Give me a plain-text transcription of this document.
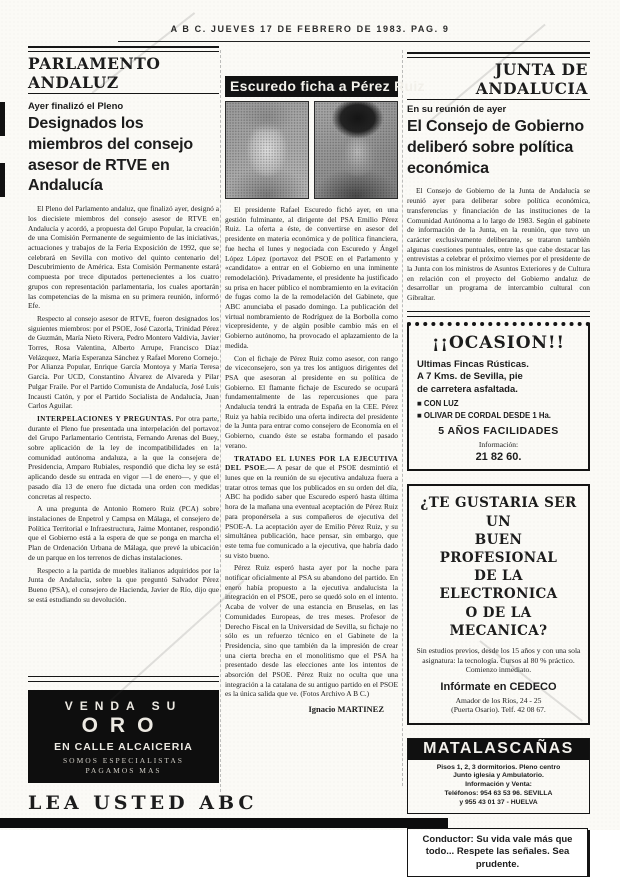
A B C. JUEVES 17 DE FEBRERO DE 1983. PAG. 9
PARLAMENTO ANDALUZ
Ayer finalizó el Pleno
Designados los miembros del consejo asesor de RTVE en Andalucía

El Pleno del Parlamento andaluz, que finalizó ayer, designó a los diecisiete miembros del consejo asesor de RTVE en Andalucía y acordó, a propuesta del Grupo Popular, la creación de una Comisión Permanente de seguimiento de las iniciativas, actuaciones y trabajos de la Feria Exposición de 1992, que se celebrará en Sevilla con motivo del quinto centenario del Descubrimiento de América. Esta Comisión Permanente estará compuesta por trece diputados pertenecientes a los cuatro grupos con representación parlamentaria, los cuales aportarán las competencias de la misma en su primera reunión, informó Efe.

Respecto al consejo asesor de RTVE, fueron designados los siguientes miembros: por el PSOE, José Cazorla, Trinidad Pérez de Guzmán, María Nieto Rivera, Pedro Montero Valdivia, Javier Torres, Rosa Valentina, Alberto Arrupe, Francisco Díaz Velázquez, María Esperanza Sánchez y Rafael Moreno Cornejo. Por Alianza Popular, Enrique García Montoya y María Teresa García. Por UCD, Constantino Álvarez de Alvareda y Pilar Pulgar Fraile. Por el Partido Comunista de Andalucía, José Luis Incausti Catón, y por el Partido Socialista de Andalucía, Juan Carlos Aguilar.

INTERPELACIONES Y PREGUNTAS. Por otra parte, durante el Pleno fue presentada una interpelación del portavoz del Grupo Parlamentario Centrista, Fernando Arenas del Buey, sobre aplicación de la ley de incompatibilidades en la comunidad autónoma andaluza, a la que la consejera de Presidencia, Amparo Rubiales, respondió que dicha ley se está aplicando desde su entrada en vigor —1 de enero—, y que el pasado día 13 de enero fue dictada una orden con medidas concretas al respecto.

A una pregunta de Antonio Romero Ruiz (PCA) sobre instalaciones de Enpetrol y Campsa en Málaga, el consejero de Política Territorial e Infraestructura, Jaime Montaner, respondió que el Gobierno está a la espera de que se ponga en marcha el Plan de Ordenación Urbana de Málaga, que prevé la ubicación de un parque en los terrenos de dichas instalaciones.

Respecto a la partida de muebles italianos adquiridos por la Junta de Andalucía, sobre la que preguntó Salvador Pérez Bueno (PSA), el consejero de Hacienda, Javier de Río, dijo que se está estudiando su devolución.

VENDA SU
ORO
EN CALLE ALCAICERIA
SOMOS ESPECIALISTAS
PAGAMOS MAS
LEA USTED ABC
Escuredo ficha a Pérez Ruiz

El presidente Rafael Escuredo fichó ayer, en una gestión fulminante, al dirigente del PSA Emilio Pérez Ruiz. La oferta a éste, de convertirse en asesor del presidente en materia económica y de política financiera, fue hecha el lunes y negociada con Escuredo y Ángel López López (portavoz del PSOE en el Parlamento y «candidato» a entrar en el Gobierno en una inminente remodelación). Privadamente, el presidente ha justificado su prisa en hacer público el nombramiento en la evitación de fugas como la de la remodelación del Gabinete, que ABC anunciaba el pasado domingo. La publicación del virtual nombramiento de Rodríguez de la Borbolla como vicepresidente, y de algún posible cambio más en el Gobierno autónomo, ha provocado el aplazamiento de la medida.

Con el fichaje de Pérez Ruiz como asesor, con rango de viceconsejero, son ya tres los antiguos dirigentes del PSA que asesoran al presidente en su política de Gobierno. El flamante fichaje de Escuredo se ocupará fundamentalmente de las repercusiones que para Andalucía tendrá la entrada de España en la CEE. Pérez Ruiz ya había recibido una oferta indirecta del presidente de la Junta para entrar como consejero de Economía en el Gobierno, cuando éste se estaba formando el pasado verano.

TRATADO EL LUNES POR LA EJECUTIVA DEL PSOE.— A pesar de que el PSOE desmintió el lunes que en la reunión de su ejecutiva andaluza fuera a tratar otros temas que los publicados en su orden del día, ABC ha podido saber que Escuredo esperó hasta última hora de la mañana una eventual aceptación de Pérez Ruiz para proponérsela a sus compañeros de ejecutiva del PSOE-A. La aceptación ayer de Emilio Pérez Ruiz, y su simultánea publicación, hace pensar, sin embargo, que este tema fue comunicado a la ejecutiva, que habría dado su visto bueno.

Pérez Ruiz esperó hasta ayer por la noche para notificar oficialmente al PSA su abandono del partido. En enero había propuesto a la ejecutiva andalucista la integración en el PSOE, pero se quedó solo en el intento. Acaba de volver de una estancia en Bruselas, en las Comunidades Europeas, de tres meses. Profesor de Derecho Fiscal en la Universidad de Sevilla, su fichaje no sólo es un refuerzo técnico en el Gabinete de la Presidencia, sino que también da la impresión de crear una cierta brecha en el monolitismo que el PSA ha presentado desde las elecciones ante los intentos de absorción del PSOE. Pérez Ruiz no oculta que una integración a la catalana de su antiguo partido en el PSOE es la única salida que ve. (Fotos Archivo A B C.)

Ignacio MARTINEZ
JUNTA DE ANDALUCIA
En su reunión de ayer
El Consejo de Gobierno deliberó sobre política económica

El Consejo de Gobierno de la Junta de Andalucía se reunió ayer para deliberar sobre política económica, transferencias y financiación de las instituciones de la Comunidad Autónoma a lo largo de 1983. Según el gabinete de información de la Junta, en la reunión, que tuvo un carácter exclusivamente deliberante, se trataron también algunas cuestiones puntuales, entre las que cabe destacar las entrevistas a celebrar el próximo viernes por el presidente de la Junta con los ministros de Asuntos Exteriores y de Cultura en relación con el proyecto del Gobierno andaluz de desarrollar un programa de intercambio cultural con Gibraltar.

¡¡OCASION!!
Ultimas Fincas Rústicas.
A 7 Kms. de Sevilla, pie
de carretera asfaltada.
■ CON LUZ
■ OLIVAR DE CORDAL DESDE 1 Ha.
5 AÑOS FACILIDADES
Información:
21 82 60.
¿TE GUSTARIA SER UN
BUEN PROFESIONAL
DE LA ELECTRONICA
O DE LA MECANICA?
Sin estudios previos, desde los 15 años y con una sola asignatura: la tecnología. Cursos al 80 % práctico. Comienzo inmediato.
Infórmate en CEDECO
Amador de los Ríos, 24 - 25
(Puerta Osario). Telf. 42 08 67.
MATALASCAÑAS
Pisos 1, 2, 3 dormitorios. Pleno centro
Junto iglesia y Ambulatorio.
Información y Venta:
Teléfonos: 954 63 53 96. SEVILLA
y 955 43 01 37 - HUELVA
Conductor: Su vida vale más que todo... Respete las señales. Sea prudente.
